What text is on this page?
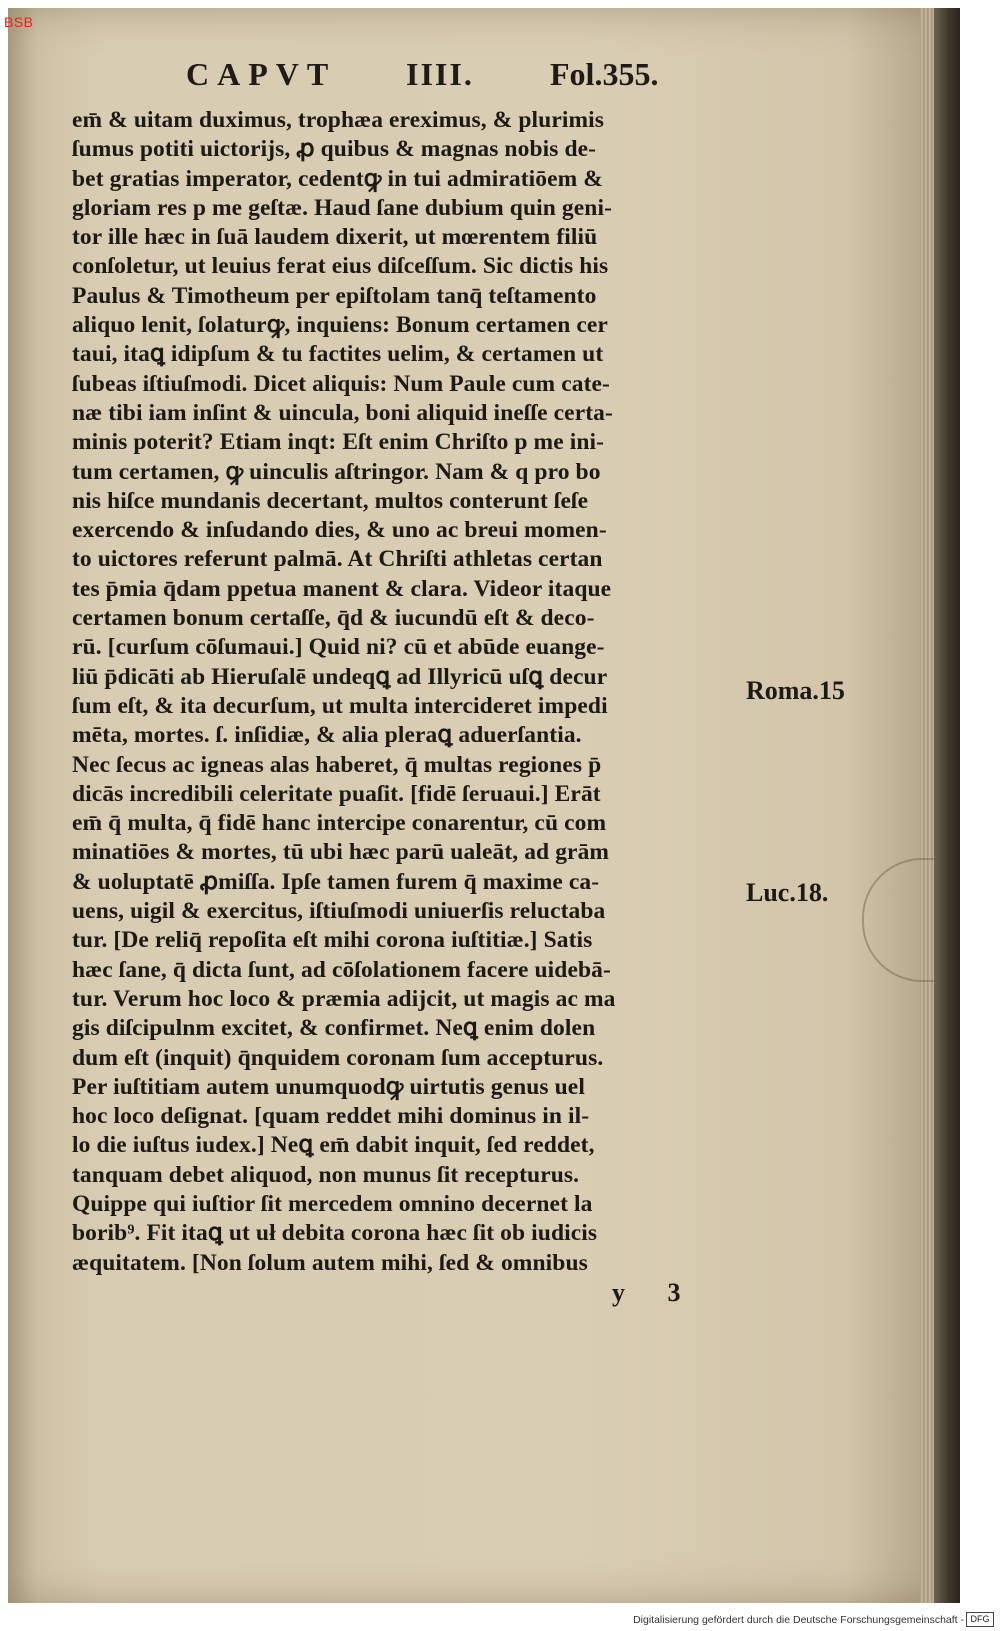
CAPVT IIII. Fol.355.
em̄ & uitam duximus, trophæa ereximus, & plurimis
ſumus potiti uictorijs, ꝓ quibus & magnas nobis de-
bet gratias imperator, cedentꝙ in tui admiratiōem &
gloriam res p me geſtæ. Haud ſane dubium quin geni-
tor ille hæc in ſuā laudem dixerit, ut mœrentem filiū
conſoletur, ut leuius ferat eius diſceſſum. Sic dictis his
Paulus & Timotheum per epiſtolam tanq̄ teſtamento
aliquo lenit, ſolaturꝙ, inquiens: Bonum certamen cer
taui, itaꝗ idipſum & tu factites uelim, & certamen ut
ſubeas iſtiuſmodi. Dicet aliquis: Num Paule cum cate-
næ tibi iam inſint & uincula, boni aliquid ineſſe certa-
minis poterit? Etiam inqt: Eſt enim Chriſto p me ini-
tum certamen, ꝙ uinculis aſtringor. Nam & q pro bo
nis hiſce mundanis decertant, multos conterunt ſeſe
exercendo & inſudando dies, & uno ac breui momen-
to uictores referunt palmā. At Chriſti athletas certan
tes p̄mia q̄dam ppetua manent & clara. Videor itaque
certamen bonum certaſſe, q̄d & iucundū eſt & deco-
rū. [curſum cōſumaui.] Quid ni? cū et abūde euange-
liū p̄dicāti ab Hieruſalē undeqꝗ ad Illyricū uſꝗ decur
ſum eſt, & ita decurſum, ut multa intercideret impedi
mēta, mortes. ſ. inſidiæ, & alia pleraꝗ aduerſantia.
Nec ſecus ac igneas alas haberet, q̄ multas regiones p̄
dicās incredibili celeritate puaſit. [fidē ſeruaui.] Erāt
em̄ q̄ multa, q̄ fidē hanc intercipe conarentur, cū com
minatiōes & mortes, tū ubi hæc parū ualeāt, ad grām
& uoluptatē ꝓmiſſa. Ipſe tamen furem q̄ maxime ca-
uens, uigil & exercitus, iſtiuſmodi uniuerſis reluctaba
tur. [De reliq̄ repoſita eſt mihi corona iuſtitiæ.] Satis
hæc ſane, q̄ dicta ſunt, ad cōſolationem facere uidebā-
tur. Verum hoc loco & præmia adijcit, ut magis ac ma
gis diſcipulnm excitet, & confirmet. Neꝗ enim dolen
dum eſt (inquit) q̄nquidem coronam ſum accepturus.
Per iuſtitiam autem unumquodꝙ uirtutis genus uel
hoc loco deſignat. [quam reddet mihi dominus in il-
lo die iuſtus iudex.] Neꝗ em̄ dabit inquit, ſed reddet,
tanquam debet aliquod, non munus ſit recepturus.
Quippe qui iuſtior ſit mercedem omnino decernet la
borib⁹. Fit itaꝗ ut uł debita corona hæc ſit ob iudicis
æquitatem. [Non ſolum autem mihi, ſed & omnibus
Roma.15
Luc.18.
y 3
BSB
Digitalisierung gefördert durch die Deutsche Forschungsgemeinschaft - DFG
